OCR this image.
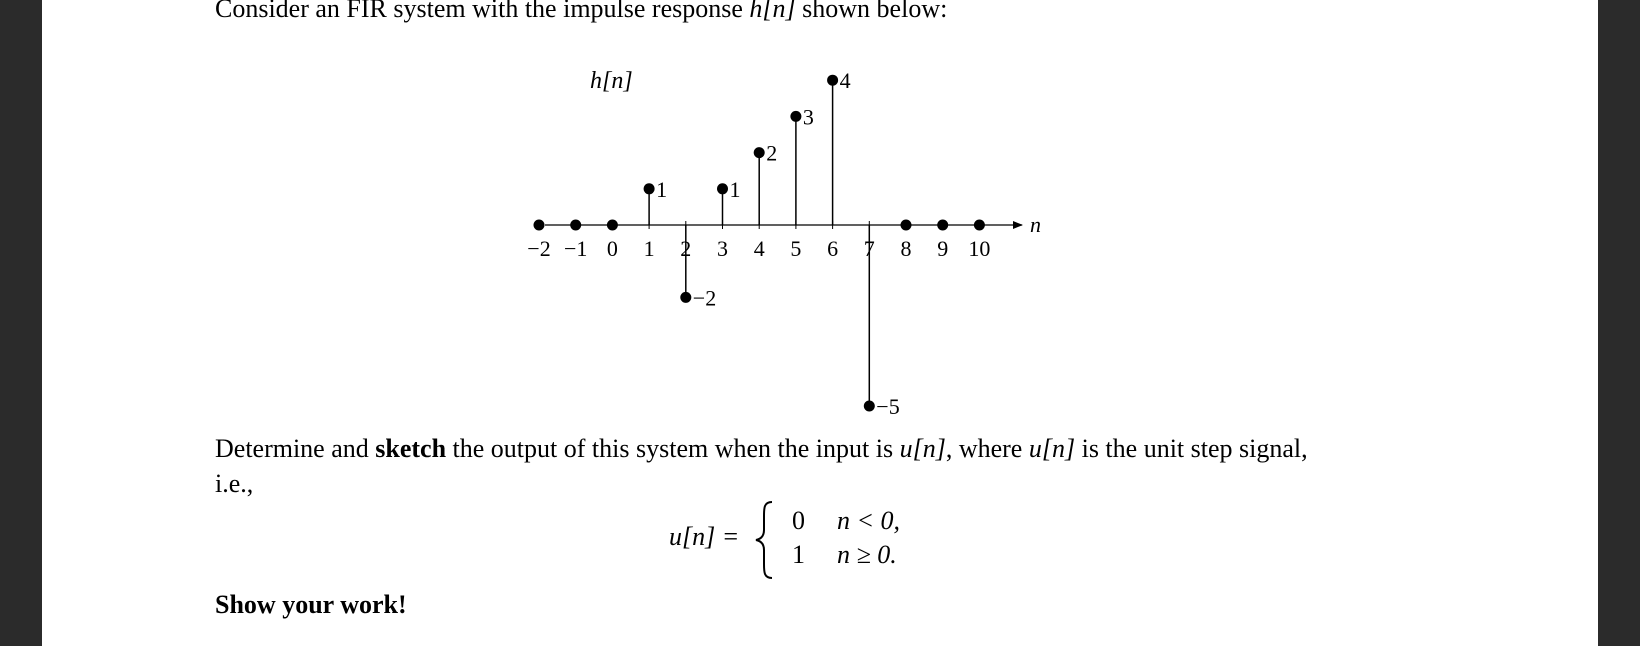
Consider an FIR system with the impulse response h[n] shown below:
n
h[n]
1
−2
1
2
3
4
−5
−2 −1 0 1 2 3 4 5 6 7 8 9 10
Determine and sketch the output of this system when the input is u[n], where u[n] is the unit step signal,
i.e.,
u[n] =
0 n < 0,
1 n ≥ 0.
Show your work!
